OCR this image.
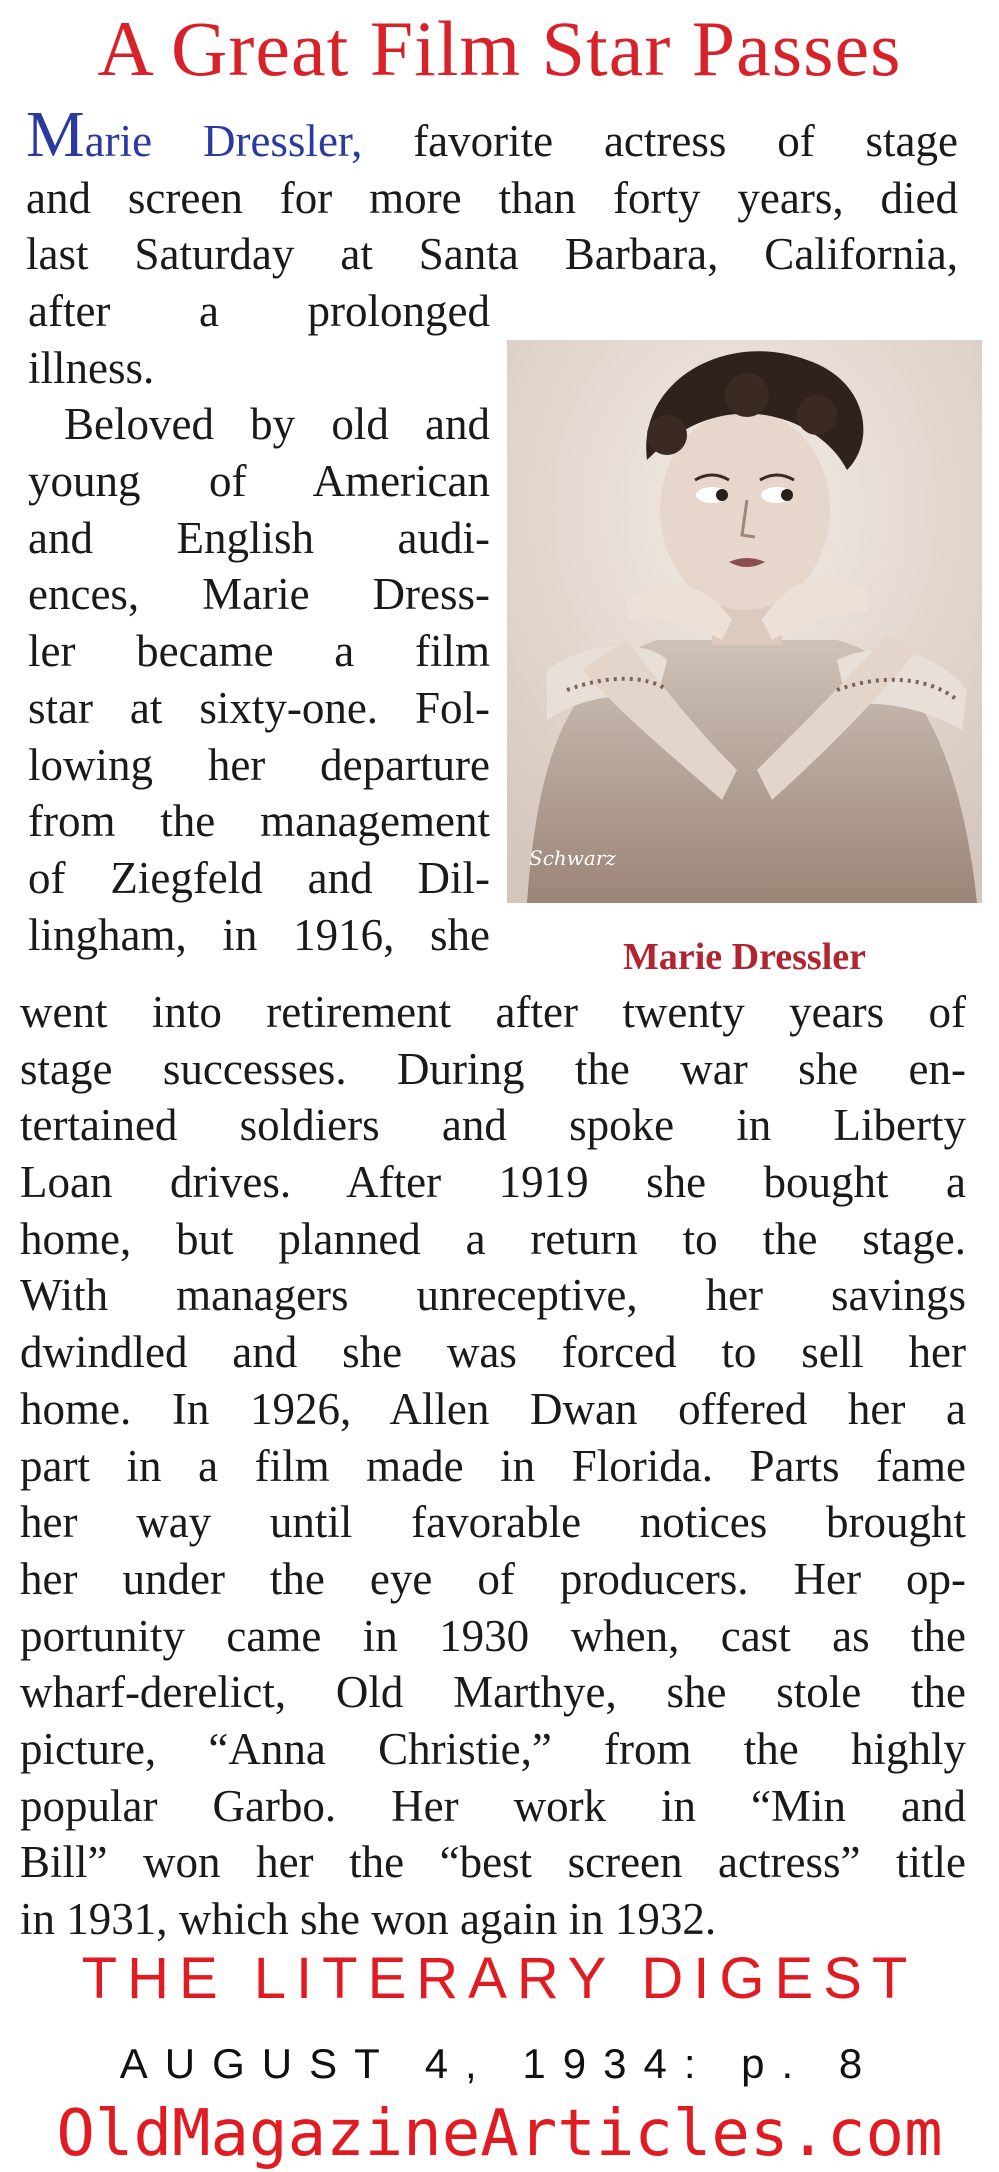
A Great Film Star Passes
Marie Dressler, favorite actress of stage
and screen for more than forty years, died
last Saturday at Santa Barbara, California,
after a prolonged
illness.
Beloved by old and
young of American
and English audi-
ences, Marie Dress-
ler became a film
star at sixty-one. Fol-
lowing her departure
from the management
of Ziegfeld and Dil-
lingham, in 1916, she
Schwarz

Marie Dressler

went into retirement after twenty years of
stage successes. During the war she en-
tertained soldiers and spoke in Liberty
Loan drives. After 1919 she bought a
home, but planned a return to the stage.
With managers unreceptive, her savings
dwindled and she was forced to sell her
home. In 1926, Allen Dwan offered her a
part in a film made in Florida. Parts fame
her way until favorable notices brought
her under the eye of producers. Her op-
portunity came in 1930 when, cast as the
wharf-derelict, Old Marthye, she stole the
picture, “Anna Christie,” from the highly
popular Garbo. Her work in “Min and
Bill” won her the “best screen actress” title
in 1931, which she won again in 1932.

THE LITERARY DIGEST

AUGUST 4, 1934: p. 8

OldMagazineArticles.com
